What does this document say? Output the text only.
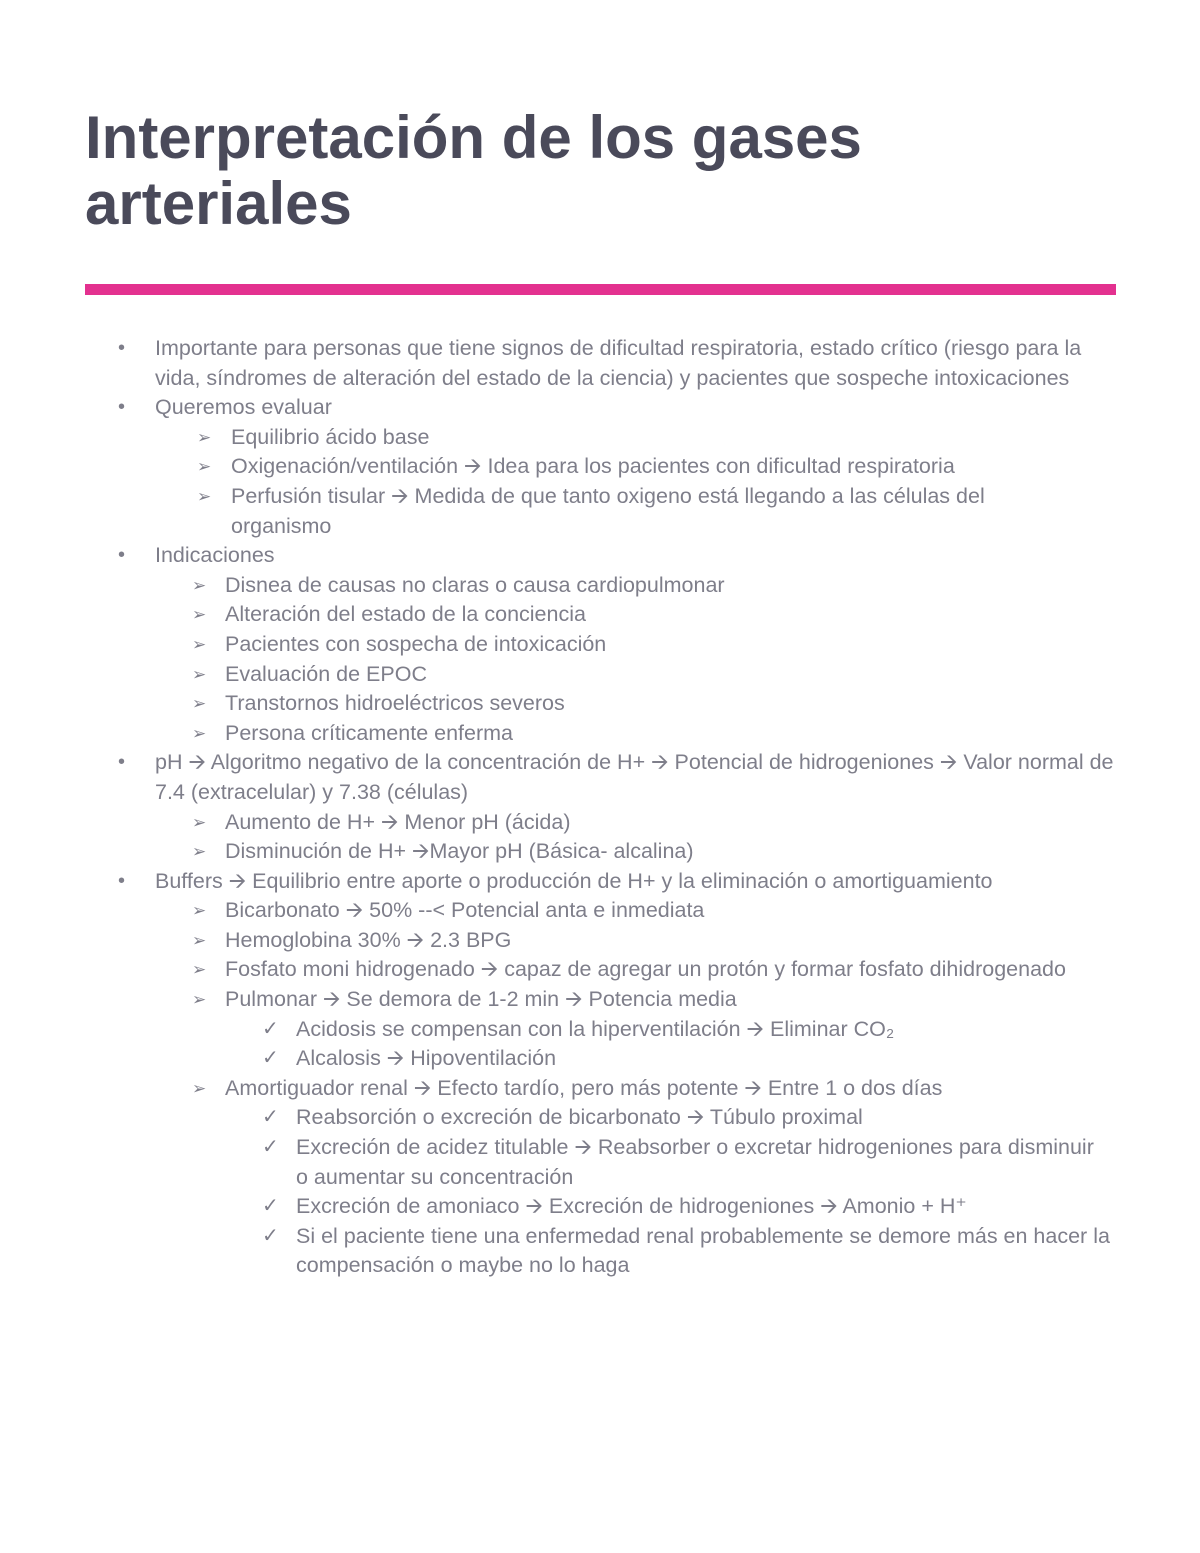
Interpretación de los gases arteriales
• Importante para personas que tiene signos de dificultad respiratoria, estado crítico (riesgo para la vida, síndromes de alteración del estado de la ciencia) y pacientes que sospeche intoxicaciones
• Queremos evaluar
➢ Equilibrio ácido base
➢ Oxigenación/ventilación 🡪 Idea para los pacientes con dificultad respiratoria
➢ Perfusión tisular 🡪 Medida de que tanto oxigeno está llegando a las células del organismo
• Indicaciones
➢ Disnea de causas no claras o causa cardiopulmonar
➢ Alteración del estado de la conciencia
➢ Pacientes con sospecha de intoxicación
➢ Evaluación de EPOC
➢ Transtornos hidroeléctricos severos
➢ Persona críticamente enferma
• pH 🡪 Algoritmo negativo de la concentración de H+ 🡪 Potencial de hidrogeniones 🡪 Valor normal de 7.4 (extracelular) y 7.38 (células)
➢ Aumento de H+ 🡪 Menor pH (ácida)
➢ Disminución de H+ 🡪Mayor pH (Básica- alcalina)
• Buffers 🡪 Equilibrio entre aporte o producción de H+ y la eliminación o amortiguamiento
➢ Bicarbonato 🡪 50% --< Potencial anta e inmediata
➢ Hemoglobina 30% 🡪 2.3 BPG
➢ Fosfato moni hidrogenado 🡪 capaz de agregar un protón y formar fosfato dihidrogenado
➢ Pulmonar 🡪 Se demora de 1-2 min 🡪 Potencia media
✓ Acidosis se compensan con la hiperventilación 🡪 Eliminar CO₂
✓ Alcalosis 🡪 Hipoventilación
➢ Amortiguador renal 🡪 Efecto tardío, pero más potente 🡪 Entre 1 o dos días
✓ Reabsorción o excreción de bicarbonato 🡪 Túbulo proximal
✓ Excreción de acidez titulable 🡪 Reabsorber o excretar hidrogeniones para disminuir o aumentar su concentración
✓ Excreción de amoniaco 🡪 Excreción de hidrogeniones 🡪 Amonio + H⁺
✓ Si el paciente tiene una enfermedad renal probablemente se demore más en hacer la compensación o maybe no lo haga
